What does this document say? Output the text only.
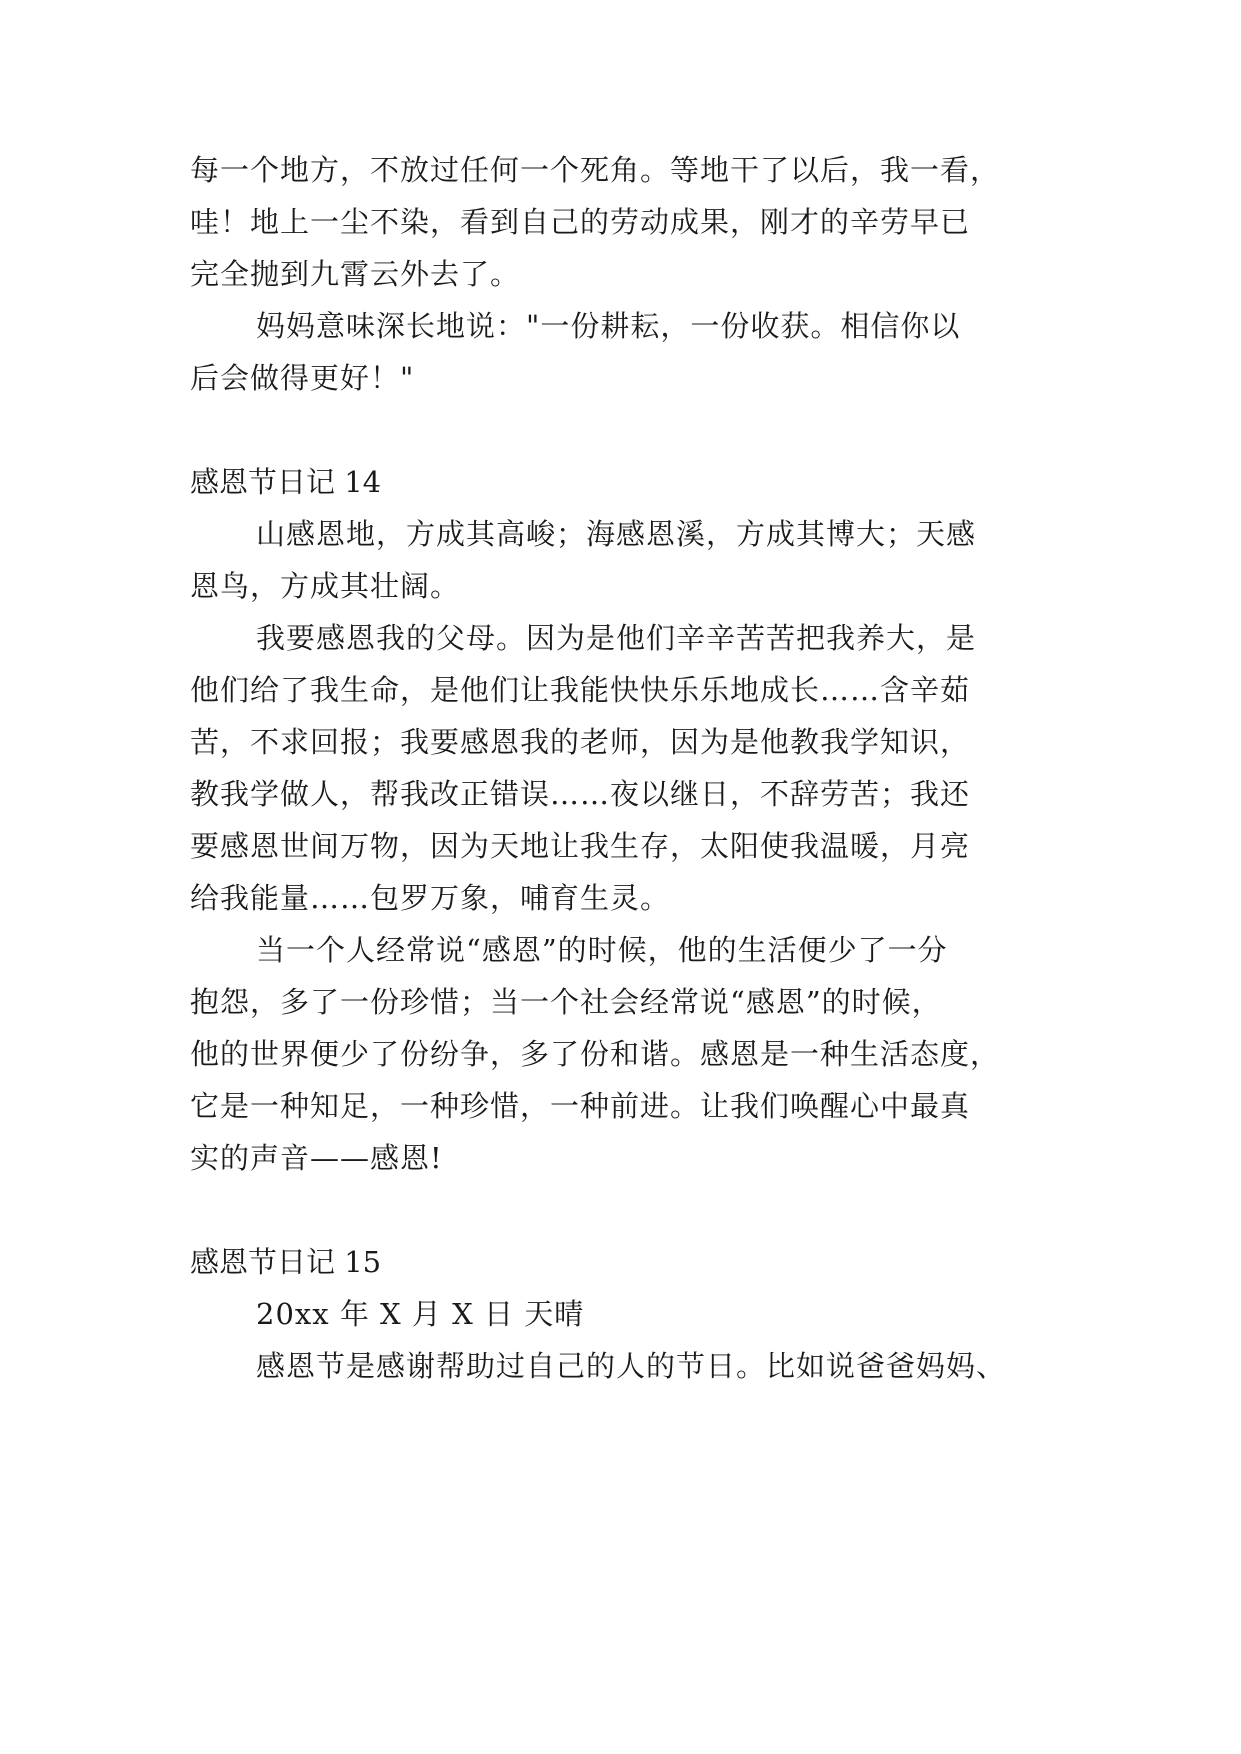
每一个地方，不放过任何一个死角。等地干了以后，我一看，
哇！地上一尘不染，看到自己的劳动成果，刚才的辛劳早已
完全抛到九霄云外去了。
妈妈意味深长地说："一份耕耘，一份收获。相信你以
后会做得更好！"
感恩节日记 14
山感恩地，方成其高峻；海感恩溪，方成其博大；天感
恩鸟，方成其壮阔。
我要感恩我的父母。因为是他们辛辛苦苦把我养大，是
他们给了我生命，是他们让我能快快乐乐地成长……含辛茹
苦，不求回报；我要感恩我的老师，因为是他教我学知识，
教我学做人，帮我改正错误……夜以继日，不辞劳苦；我还
要感恩世间万物，因为天地让我生存，太阳使我温暖，月亮
给我能量……包罗万象，哺育生灵。
当一个人经常说“感恩”的时候，他的生活便少了一分
抱怨，多了一份珍惜；当一个社会经常说“感恩”的时候，
他的世界便少了份纷争，多了份和谐。感恩是一种生活态度，
它是一种知足，一种珍惜，一种前进。让我们唤醒心中最真
实的声音——感恩!
感恩节日记 15
20xx 年 X 月 X 日 天晴
感恩节是感谢帮助过自己的人的节日。比如说爸爸妈妈、
